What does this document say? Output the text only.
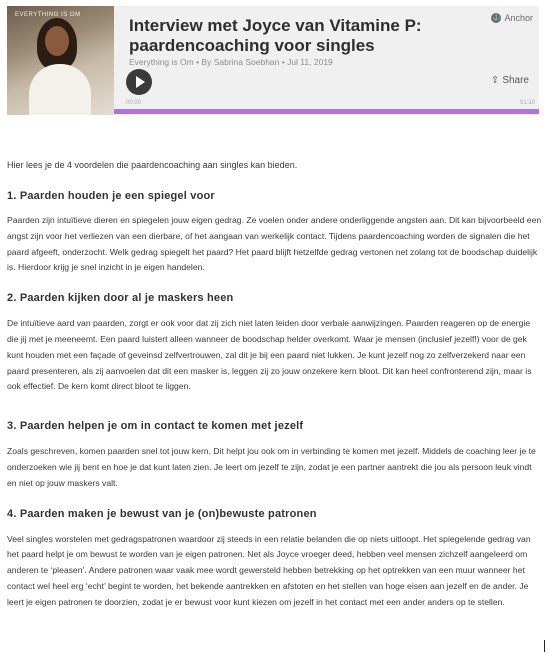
EVERYTHING IS OM
Interview met Joyce van Vitamine P: paardencoaching voor singles
Everything is Om • By Sabrina Soebhan • Jul 11, 2019
⚓ Anchor
⇪ Share
00:00	51:10

Hier lees je de 4 voordelen die paardencoaching aan singles kan bieden.

1. Paarden houden je een spiegel voor

Paarden zijn intuïtieve dieren en spiegelen jouw eigen gedrag. Ze voelen onder andere onderliggende angsten aan. Dit kan bijvoorbeeld een angst zijn voor het verliezen van een dierbare, of het aangaan van werkelijk contact. Tijdens paardencoaching worden de signalen die het paard afgeeft, onderzocht. Welk gedrag spiegelt het paard? Het paard blijft hetzelfde gedrag vertonen net zolang tot de boodschap duidelijk is. Hierdoor krijg je snel inzicht in je eigen handelen.

2. Paarden kijken door al je maskers heen

De intuïtieve aard van paarden, zorgt er ook voor dat zij zich niet laten leiden door verbale aanwijzingen. Paarden reageren op de energie die jij met je meeneemt. Een paard luistert alleen wanneer de boodschap helder overkomt. Waar je mensen (inclusief jezelf!) voor de gek kunt houden met een façade of geveinsd zelfvertrouwen, zal dit je bij een paard niet lukken. Je kunt jezelf nog zo zelfverzekerd naar een paard presenteren, als zij aanvoelen dat dit een masker is, leggen zij zo jouw onzekere kern bloot. Dit kan heel confronterend zijn, maar is ook effectief. De kern komt direct bloot te liggen.

3. Paarden helpen je om in contact te komen met jezelf

Zoals geschreven, komen paarden snel tot jouw kern. Dit helpt jou ook om in verbinding te komen met jezelf. Middels de coaching leer je te onderzoeken wie jij bent en hoe je dat kunt laten zien. Je leert om jezelf te zijn, zodat je een partner aantrekt die jou als persoon leuk vindt en niet op jouw maskers valt.

4. Paarden maken je bewust van je (on)bewuste patronen

Veel singles worstelen met gedragspatronen waardoor zij steeds in een relatie belanden die op niets uitloopt. Het spiegelende gedrag van het paard helpt je om bewust te worden van je eigen patronen. Net als Joyce vroeger deed, hebben veel mensen zichzelf aangeleerd om anderen te ‘pleasen’. Andere patronen waar vaak mee wordt gewersteld hebben betrekking op het optrekken van een muur wanneer het contact wel heel erg ‘echt’ begint te worden, het bekende aantrekken en afstoten en het stellen van hoge eisen aan jezelf en de ander. Je leert je eigen patronen te doorzien, zodat je er bewust voor kunt kiezen om jezelf in het contact met een ander anders op te stellen.
